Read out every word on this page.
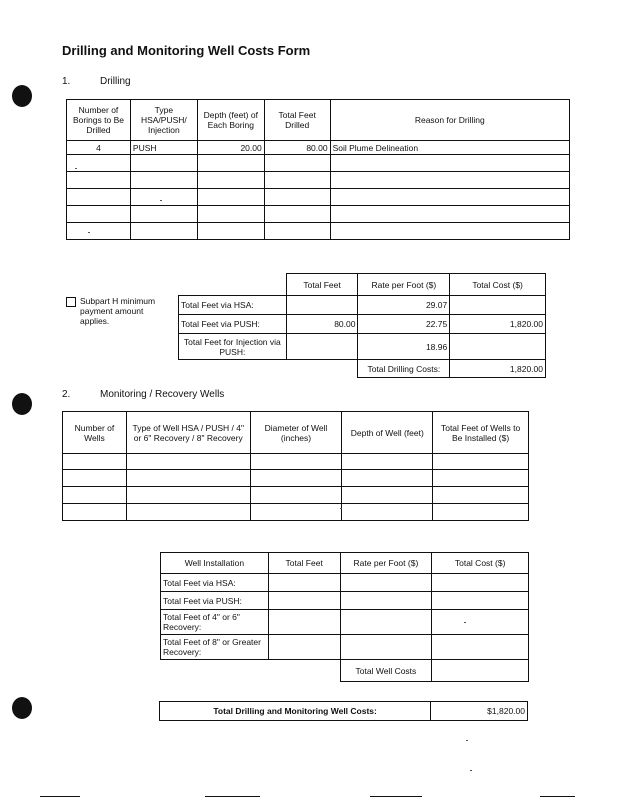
Drilling and Monitoring Well Costs Form
1.	Drilling
Number of Borings to Be Drilled	Type HSA/PUSH/ Injection	Depth (feet) of Each Boring	Total Feet Drilled	Reason for Drilling
4	PUSH	20.00	80.00	Soil Plume Delineation

Subpart H minimum payment amount applies.
	Total Feet	Rate per Foot ($)	Total Cost ($)
Total Feet via HSA:		29.07	
Total Feet via PUSH:	80.00	22.75	1,820.00
Total Feet for Injection via PUSH:		18.96	
		Total Drilling Costs:	1,820.00
2.	Monitoring / Recovery Wells
Number of Wells	Type of Well HSA / PUSH / 4" or 6" Recovery / 8" Recovery	Diameter of Well (inches)	Depth of Well (feet)	Total Feet of Wells to Be Installed ($)

Well Installation	Total Feet	Rate per Foot ($)	Total Cost ($)
Total Feet via HSA:			
Total Feet via PUSH:			
Total Feet of 4" or 6" Recovery:			
Total Feet of 8" or Greater Recovery:			
		Total Well Costs	
Total Drilling and Monitoring Well Costs:	$1,820.00
